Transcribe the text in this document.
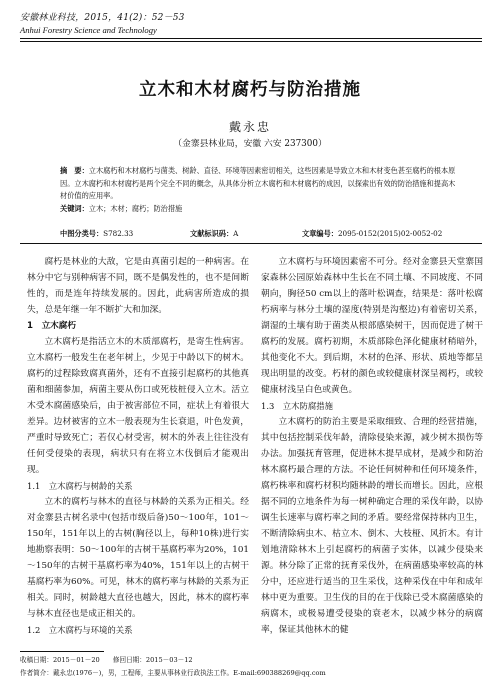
安徽林业科技，2015，41(2)：52－53
Anhui Forestry Science and Technology
立木和木材腐朽与防治措施
戴永忠
（金寨县林业局，安徽 六安 237300）
摘　要：立木腐朽和木材腐朽与菌类、树龄、直径、环境等因素密切相关，这些因素是导致立木和木材变色甚至腐朽的根本原因。立木腐朽和木材腐朽是两个完全不同的概念，从具体分析立木腐朽和木材腐朽的成因，以探索出有效的防治措施和提高木材价值的应用率。
关键词：立木；木材；腐朽；防治措施
中图分类号：S782.33	文献标识码：A	文章编号：2095-0152(2015)02-0052-02

腐朽是林业的大敌，它是由真菌引起的一种病害。在林分中它与别种病害不同，既不是偶发性的，也不是间断性的，而是连年持续发展的。因此，此病害所造成的损失，总是年继一年不断扩大和加深。

1　立木腐朽

立木腐朽是指活立木的木质部腐朽，是寄生性病害。立木腐朽一般发生在老年树上，少见于中龄以下的树木。腐朽的过程除致腐真菌外，还有不直接引起腐朽的其他真菌和细菌参加，病菌主要从伤口或死枝桩侵入立木。活立木受木腐菌感染后，由于被害部位不同，症状上有着很大差异。边材被害的立木一般表现为生长衰退，叶色发黄，严重时导致死亡；若仅心材受害，树木的外表上往往没有任何受侵染的表现，病状只有在将立木伐倒后才能观出现。

1.1　立木腐朽与树龄的关系

立木的腐朽与林木的直径与林龄的关系为正相关。经对金寨县古树名录中(包括市级后备)50～100年，101～150年，151年以上的古树(胸径以上，每种10株)进行实地勘察表明：50～100年的古树干基腐朽率为20%，101～150年的古树干基腐朽率为40%，151年以上的古树干基腐朽率为60%。可见，林木的腐朽率与林龄的关系为正相关。同时，树龄越大直径也越大，因此，林木的腐朽率与林木直径也是成正相关的。

1.2　立木腐朽与环境的关系

立木腐朽与环境因素密不可分。经对金寨县天堂寨国家森林公园原始森林中生长在不同土壤、不同坡度、不同朝向，胸径50 cm以上的落叶松调查，结果是：落叶松腐朽病率与林分土壤的湿度(特别是沟壑边)有着密切关系，湖湿的土壤有助于菌类从根部感染树干，因而促进了树干腐朽的发展。腐朽初期，木质部除色泽化健康材稍暗外，其他变化不大。到后期，木材的色泽、形状、质地等都呈现出明显的改变。朽材的颜色或较健康材深呈褐朽，或较健康材浅呈白色或黄色。

1.3　立木防腐措施

立木腐朽的防治主要是采取细致、合理的经营措施，其中包括控制采伐年龄，清除侵染来源，减少树木损伤等办法。加强抚育管理，促进林木提早成材，是减少和防治林木腐朽最合理的方法。不论任何树种和任何环境条件，腐朽株率和腐朽材积均随林龄的增长而增长。因此，应根据不同的立地条件为每一树种确定合理的采伐年龄，以协调生长速率与腐朽率之间的矛盾。要经常保持林内卫生，不断清除病虫木、枯立木、倒木、大枝桠、风折木。有计划地清除林木上引起腐朽的病菌子实体，以减少侵染来源。林分除了正常的抚育采伐外，在病菌感染率较高的林分中，还应进行适当的卫生采伐，这种采伐在中年和成年林中更为重要。卫生伐的目的在于伐除已受木腐菌感染的病腐木，或极易遭受侵染的衰老木，以减少林分的病腐率，保证其他林木的健

收稿日期：2015－01－20　　修回日期：2015－03－12
作者简介：戴永忠(1976－)，男，工程师，主要从事林业行政执法工作。E-mail:690388269@qq.com
